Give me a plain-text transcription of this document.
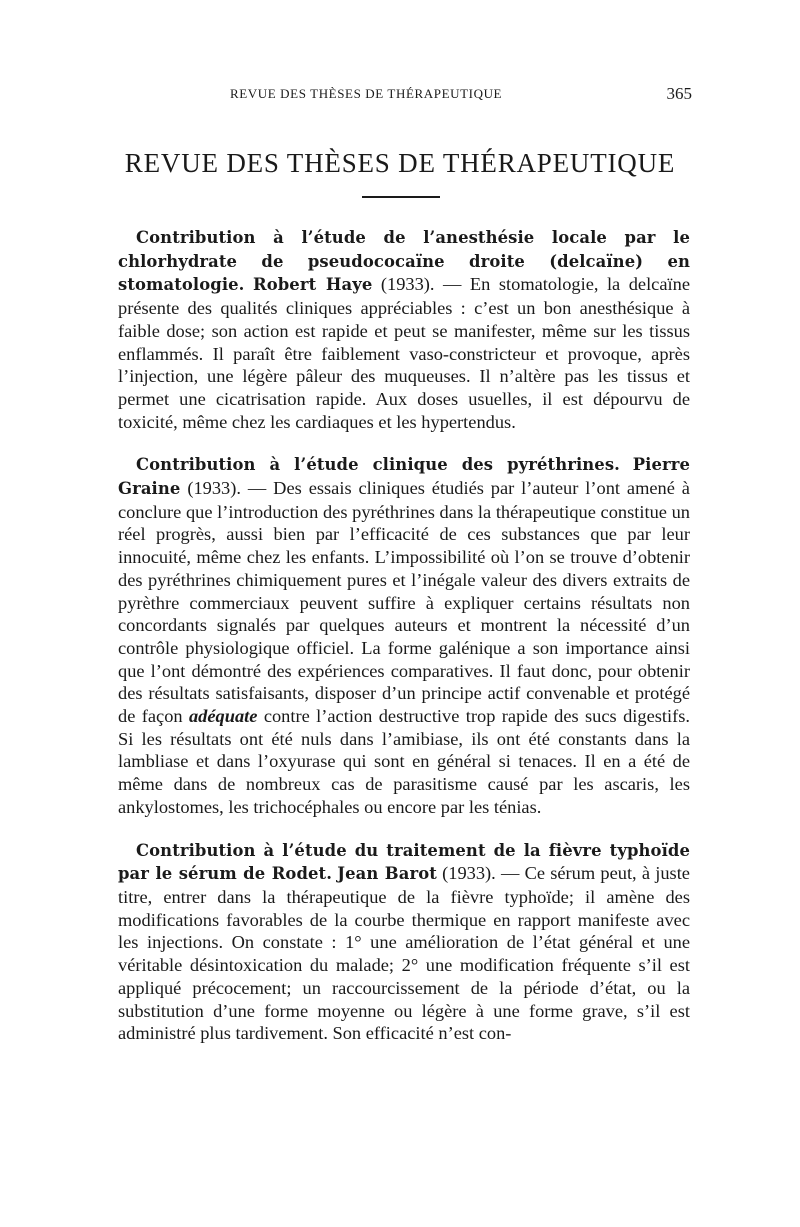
REVUE DES THÈSES DE THÉRAPEUTIQUE	365
REVUE DES THÈSES DE THÉRAPEUTIQUE

Contribution à l’étude de l’anesthésie locale par le chlorhydrate de pseudococaïne droite (delcaïne) en stomatologie. Robert Haye (1933). — En stomatologie, la delcaïne présente des qualités cliniques appréciables : c’est un bon anesthésique à faible dose; son action est rapide et peut se manifester, même sur les tissus enflammés. Il paraît être faiblement vaso-constricteur et provoque, après l’injection, une légère pâleur des muqueuses. Il n’altère pas les tissus et permet une cicatrisation rapide. Aux doses usuelles, il est dépourvu de toxicité, même chez les cardiaques et les hypertendus.

Contribution à l’étude clinique des pyréthrines. Pierre Graine (1933). — Des essais cliniques étudiés par l’auteur l’ont amené à conclure que l’introduction des pyréthrines dans la thérapeutique constitue un réel progrès, aussi bien par l’efficacité de ces substances que par leur innocuité, même chez les enfants. L’impossibilité où l’on se trouve d’obtenir des pyréthrines chimiquement pures et l’inégale valeur des divers extraits de pyrèthre commerciaux peuvent suffire à expliquer certains résultats non concordants signalés par quelques auteurs et montrent la nécessité d’un contrôle physiologique officiel. La forme galénique a son importance ainsi que l’ont démontré des expériences comparatives. Il faut donc, pour obtenir des résultats satisfaisants, disposer d’un principe actif convenable et protégé de façon adéquate contre l’action destructive trop rapide des sucs digestifs. Si les résultats ont été nuls dans l’amibiase, ils ont été constants dans la lambliase et dans l’oxyurase qui sont en général si tenaces. Il en a été de même dans de nombreux cas de parasitisme causé par les ascaris, les ankylostomes, les trichocéphales ou encore par les ténias.

Contribution à l’étude du traitement de la fièvre typhoïde par le sérum de Rodet. Jean Barot (1933). — Ce sérum peut, à juste titre, entrer dans la thérapeutique de la fièvre typhoïde; il amène des modifications favorables de la courbe thermique en rapport manifeste avec les injections. On constate : 1° une amélioration de l’état général et une véritable désintoxication du malade; 2° une modification fréquente s’il est appliqué précocement; un raccourcissement de la période d’état, ou la substitution d’une forme moyenne ou légère à une forme grave, s’il est administré plus tardivement. Son efficacité n’est con-
